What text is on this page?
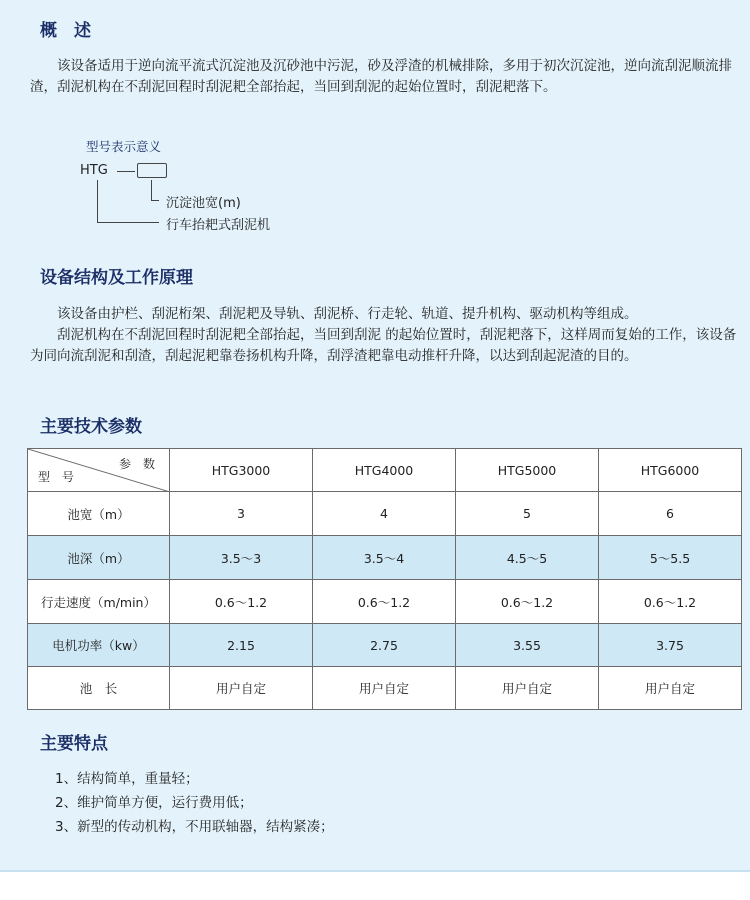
概　述
　　该设备适用于逆向流平流式沉淀池及沉砂池中污泥，砂及浮渣的机械排除，多用于初次沉淀池，逆向流刮泥顺流排渣，刮泥机构在不刮泥回程时刮泥耙全部抬起，当回到刮泥的起始位置时，刮泥耙落下。
型号表示意义
HTG
沉淀池宽(m)
行车抬耙式刮泥机
设备结构及工作原理
该设备由护栏、刮泥桁架、刮泥耙及导轨、刮泥桥、行走轮、轨道、提升机构、驱动机构等组成。
刮泥机构在不刮泥回程时刮泥耙全部抬起，当回到刮泥 的起始位置时，刮泥耙落下，这样周而复始的工作，该设备为同向流刮泥和刮渣，刮起泥耙靠卷扬机构升降，刮浮渣耙靠电动推杆升降，以达到刮起泥渣的目的。
主要技术参数
参　数
型　号	HTG3000	HTG4000	HTG5000	HTG6000
池宽（m）	3	4	5	6
池深（m）	3.5～3	3.5～4	4.5～5	5～5.5
行走速度（m/min）	0.6～1.2	0.6～1.2	0.6～1.2	0.6～1.2
电机功率（kw）	2.15	2.75	3.55	3.75
池　长	用户自定	用户自定	用户自定	用户自定
主要特点
1、结构简单，重量轻；
2、维护简单方便，运行费用低；
3、新型的传动机构，不用联轴器，结构紧凑；
